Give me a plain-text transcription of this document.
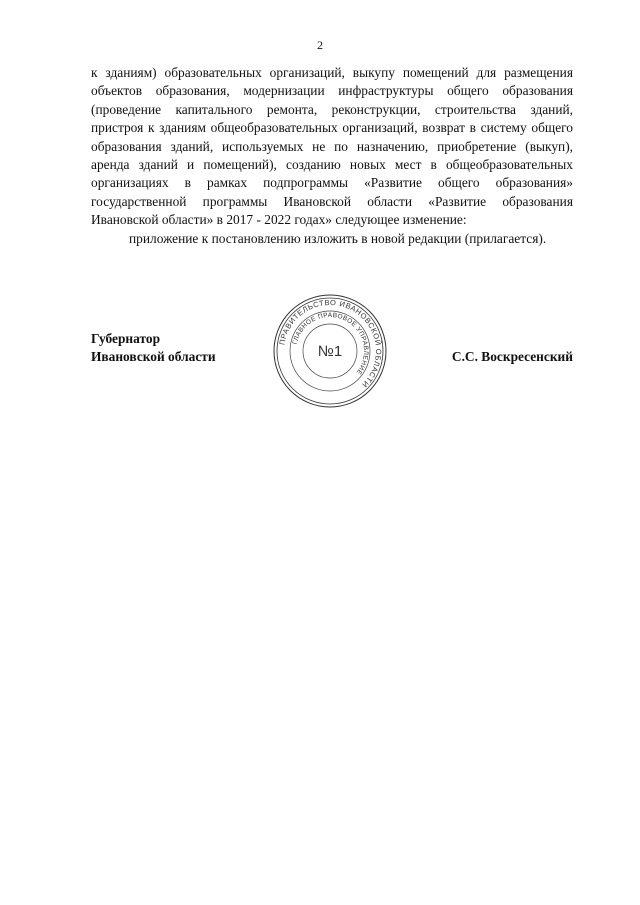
2

к зданиям) образовательных организаций, выкупу помещений для размещения объектов образования, модернизации инфраструктуры общего образования (проведение капитального ремонта, реконструкции, строительства зданий, пристроя к зданиям общеобразовательных организаций, возврат в систему общего образования зданий, используемых не по назначению, приобретение (выкуп), аренда зданий и помещений), созданию новых мест в общеобразовательных организациях в рамках подпрограммы «Развитие общего образования» государственной программы Ивановской области «Развитие образования Ивановской области» в 2017 - 2022 годах» следующее изменение:

приложение к постановлению изложить в новой редакции (прилагается).

Губернатор
Ивановской области	С.С. Воскресенский
ПРАВИТЕЛЬСТВО ИВАНОВСКОЙ ОБЛАСТИ
ГЛАВНОЕ ПРАВОВОЕ УПРАВЛЕНИЕ
№1
